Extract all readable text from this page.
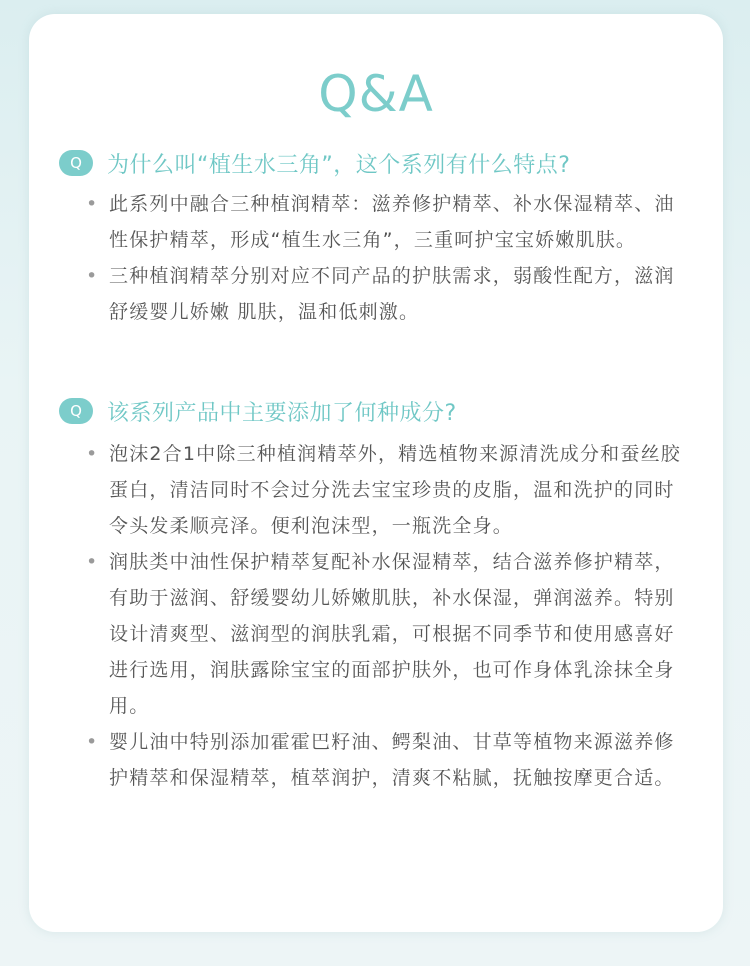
Q&A
Q	为什么叫“植生水三角”，这个系列有什么特点?
• 此系列中融合三种植润精萃：滋养修护精萃、补水保湿精萃、油性保护精萃，形成“植生水三角”，三重呵护宝宝娇嫩肌肤。
• 三种植润精萃分别对应不同产品的护肤需求，弱酸性配方，滋润舒缓婴儿娇嫩 肌肤，温和低刺激。
Q	该系列产品中主要添加了何种成分?
• 泡沫2合1中除三种植润精萃外，精选植物来源清洗成分和蚕丝胶蛋白，清洁同时不会过分洗去宝宝珍贵的皮脂，温和洗护的同时令头发柔顺亮泽。便利泡沫型，一瓶洗全身。
• 润肤类中油性保护精萃复配补水保湿精萃，结合滋养修护精萃，有助于滋润、舒缓婴幼儿娇嫩肌肤，补水保湿，弹润滋养。特别设计清爽型、滋润型的润肤乳霜，可根据不同季节和使用感喜好进行选用，润肤露除宝宝的面部护肤外，也可作身体乳涂抹全身用。
• 婴儿油中特别添加霍霍巴籽油、鳄梨油、甘草等植物来源滋养修护精萃和保湿精萃，植萃润护，清爽不粘腻，抚触按摩更合适。
